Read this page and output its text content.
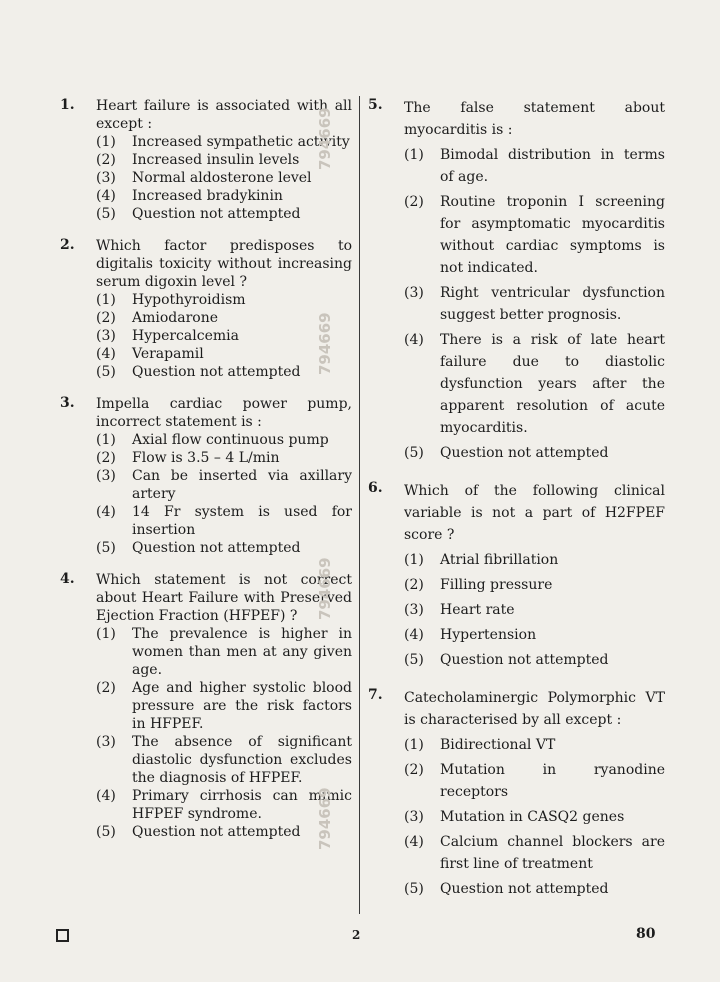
1. Heart failure is associated with all except :
(1)	Increased sympathetic activity
(2)	Increased insulin levels
(3)	Normal aldosterone level
(4)	Increased bradykinin
(5)	Question not attempted
2. Which factor predisposes to digitalis toxicity without increasing serum digoxin level ?
(1)	Hypothyroidism
(2)	Amiodarone
(3)	Hypercalcemia
(4)	Verapamil
(5)	Question not attempted
3. Impella cardiac power pump, incorrect statement is :
(1)	Axial flow continuous pump
(2)	Flow is 3.5 – 4 L/min
(3)	Can be inserted via axillary artery
(4)	14 Fr system is used for insertion
(5)	Question not attempted
4. Which statement is not correct about Heart Failure with Preserved Ejection Fraction (HFPEF) ?
(1)	The prevalence is higher in women than men at any given age.
(2)	Age and higher systolic blood pressure are the risk factors in HFPEF.
(3)	The absence of significant diastolic dysfunction excludes the diagnosis of HFPEF.
(4)	Primary cirrhosis can mimic HFPEF syndrome.
(5)	Question not attempted
5. The false statement about myocarditis is :
(1)	Bimodal distribution in terms of age.
(2)	Routine troponin I screening for asymptomatic myocarditis without cardiac symptoms is not indicated.
(3)	Right ventricular dysfunction suggest better prognosis.
(4)	There is a risk of late heart failure due to diastolic dysfunction years after the apparent resolution of acute myocarditis.
(5)	Question not attempted
6. Which of the following clinical variable is not a part of H2FPEF score ?
(1)	Atrial fibrillation
(2)	Filling pressure
(3)	Heart rate
(4)	Hypertension
(5)	Question not attempted
7. Catecholaminergic Polymorphic VT is characterised by all except :
(1)	Bidirectional VT
(2)	Mutation in ryanodine receptors
(3)	Mutation in CASQ2 genes
(4)	Calcium channel blockers are first line of treatment
(5)	Question not attempted
794669
794669
794669
794669
2	80
